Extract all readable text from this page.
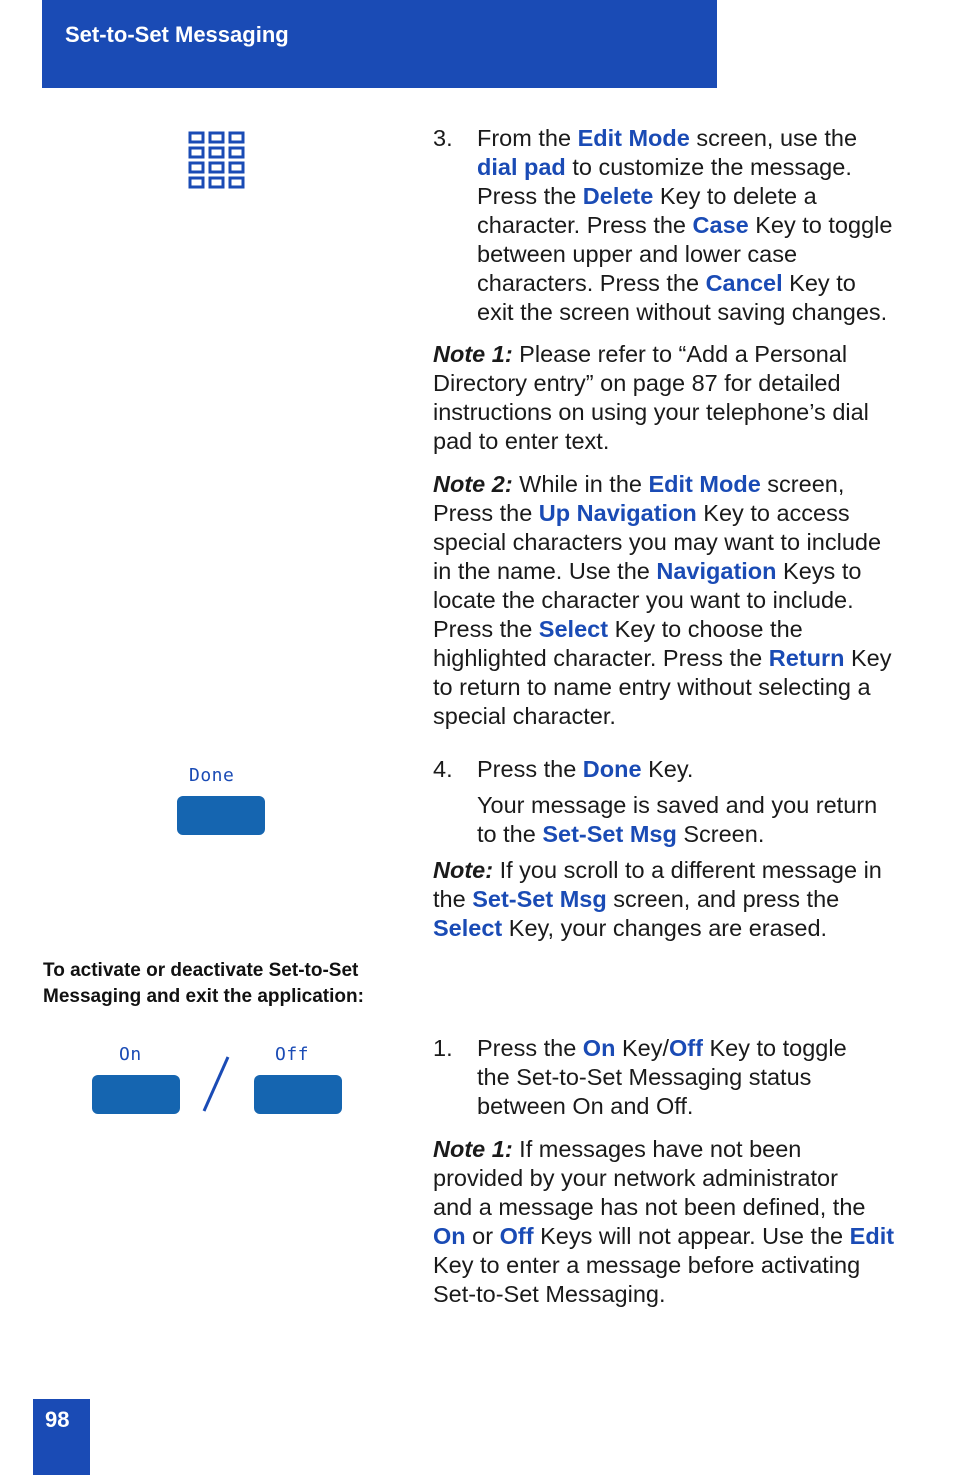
Set-to-Set Messaging
3. From the Edit Mode screen, use the
dial pad to customize the message.
Press the Delete Key to delete a
character. Press the Case Key to toggle
between upper and lower case
characters. Press the Cancel Key to
exit the screen without saving changes.
Note 1: Please refer to “Add a Personal
Directory entry” on page 87 for detailed
instructions on using your telephone’s dial
pad to enter text.
Note 2: While in the Edit Mode screen,
Press the Up Navigation Key to access
special characters you may want to include
in the name. Use the Navigation Keys to
locate the character you want to include.
Press the Select Key to choose the
highlighted character. Press the Return Key
to return to name entry without selecting a
special character.
Done	4. Press the Done Key.
Your message is saved and you return
to the Set-Set Msg Screen.
Note: If you scroll to a different message in
the Set-Set Msg screen, and press the
Select Key, your changes are erased.
To activate or deactivate Set-to-Set Messaging and exit the application:
On	Off	1. Press the On Key/Off Key to toggle
the Set-to-Set Messaging status
between On and Off.
Note 1: If messages have not been
provided by your network administrator
and a message has not been defined, the
On or Off Keys will not appear. Use the Edit
Key to enter a message before activating
Set-to-Set Messaging.
98
